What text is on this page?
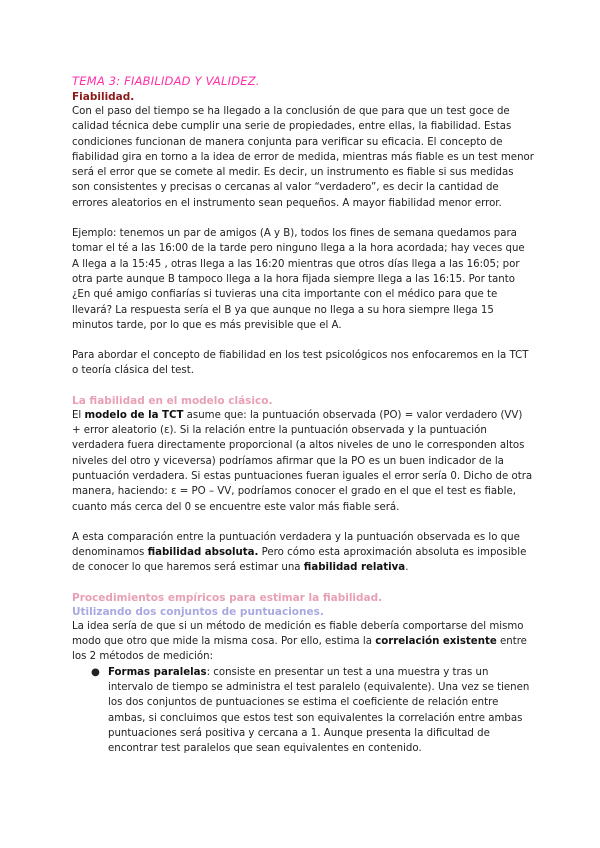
TEMA 3: FIABILIDAD Y VALIDEZ.
Fiabilidad.

Con el paso del tiempo se ha llegado a la conclusión de que para que un test goce de calidad técnica debe cumplir una serie de propiedades, entre ellas, la fiabilidad. Estas condiciones funcionan de manera conjunta para verificar su eficacia. El concepto de fiabilidad gira en torno a la idea de error de medida, mientras más fiable es un test menor será el error que se comete al medir. Es decir, un instrumento es fiable si sus medidas son consistentes y precisas o cercanas al valor “verdadero”, es decir la cantidad de errores aleatorios en el instrumento sean pequeños. A mayor fiabilidad menor error.

Ejemplo: tenemos un par de amigos (A y B), todos los fines de semana quedamos para tomar el té a las 16:00 de la tarde pero ninguno llega a la hora acordada; hay veces que A llega a la 15:45 , otras llega a las 16:20 mientras que otros días llega a las 16:05; por otra parte aunque B tampoco llega a la hora fijada siempre llega a las 16:15. Por tanto ¿En qué amigo confiarías si tuvieras una cita importante con el médico para que te llevará? La respuesta sería el B ya que aunque no llega a su hora siempre llega 15 minutos tarde, por lo que es más previsible que el A.

Para abordar el concepto de fiabilidad en los test psicológicos nos enfocaremos en la TCT o teoría clásica del test.

La fiabilidad en el modelo clásico.

El modelo de la TCT asume que: la puntuación observada (PO) = valor verdadero (VV) + error aleatorio (ε). Si la relación entre la puntuación observada y la puntuación verdadera fuera directamente proporcional (a altos niveles de uno le corresponden altos niveles del otro y viceversa) podríamos afirmar que la PO es un buen indicador de la puntuación verdadera. Si estas puntuaciones fueran iguales el error sería 0. Dicho de otra manera, haciendo: ε = PO – VV, podríamos conocer el grado en el que el test es fiable, cuanto más cerca del 0 se encuentre este valor más fiable será.

A esta comparación entre la puntuación verdadera y la puntuación observada es lo que denominamos fiabilidad absoluta. Pero cómo esta aproximación absoluta es imposible de conocer lo que haremos será estimar una fiabilidad relativa.

Procedimientos empíricos para estimar la fiabilidad.
Utilizando dos conjuntos de puntuaciones.

La idea sería de que si un método de medición es fiable debería comportarse del mismo modo que otro que mide la misma cosa. Por ello, estima la correlación existente entre los 2 métodos de medición:

● Formas paralelas: consiste en presentar un test a una muestra y tras un intervalo de tiempo se administra el test paralelo (equivalente). Una vez se tienen los dos conjuntos de puntuaciones se estima el coeficiente de relación entre ambas, si concluimos que estos test son equivalentes la correlación entre ambas puntuaciones será positiva y cercana a 1. Aunque presenta la dificultad de encontrar test paralelos que sean equivalentes en contenido.
